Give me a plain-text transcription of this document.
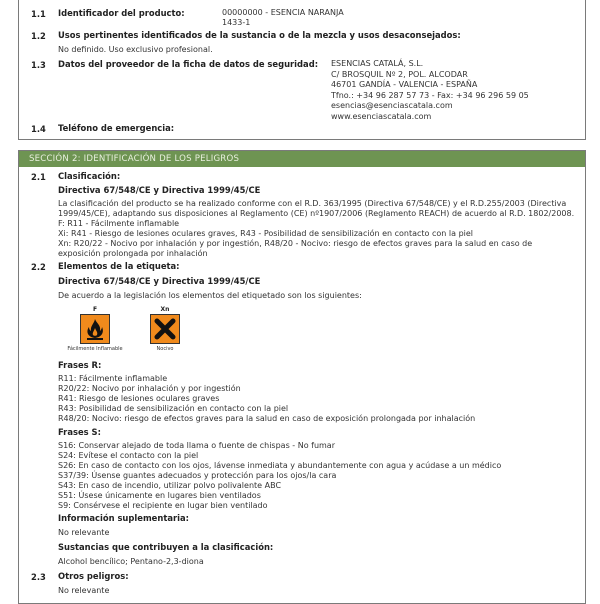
1.1 Identificador del producto:	00000000 - ESENCIA NARANJA
1433-1
1.2 Usos pertinentes identificados de la sustancia o de la mezcla y usos desaconsejados:
No definido. Uso exclusivo profesional.
1.3 Datos del proveedor de la ficha de datos de seguridad: ESENCIAS CATALÁ, S.L.
C/ BROSQUIL Nº 2, POL. ALCODAR
46701 GANDÍA - VALENCIA - ESPAÑA
Tfno.: +34 96 287 57 73 - Fax: +34 96 296 59 05
esencias@esenciascatala.com
www.esenciascatala.com
1.4 Teléfono de emergencia:
SECCIÓN 2: IDENTIFICACIÓN DE LOS PELIGROS
2.1 Clasificación:
Directiva 67/548/CE y Directiva 1999/45/CE
La clasificación del producto se ha realizado conforme con el R.D. 363/1995 (Directiva 67/548/CE) y el R.D.255/2003 (Directiva
1999/45/CE), adaptando sus disposiciones al Reglamento (CE) nº1907/2006 (Reglamento REACH) de acuerdo al R.D. 1802/2008.
F: R11 - Fácilmente inflamable
Xi: R41 - Riesgo de lesiones oculares graves, R43 - Posibilidad de sensibilización en contacto con la piel
Xn: R20/22 - Nocivo por inhalación y por ingestión, R48/20 - Nocivo: riesgo de efectos graves para la salud en caso de
exposición prolongada por inhalación
2.2 Elementos de la etiqueta:
Directiva 67/548/CE y Directiva 1999/45/CE
De acuerdo a la legislación los elementos del etiquetado son los siguientes:
F
Fácilmente Inflamable
Xn
Nocivo
Frases R:
R11: Fácilmente inflamable
R20/22: Nocivo por inhalación y por ingestión
R41: Riesgo de lesiones oculares graves
R43: Posibilidad de sensibilización en contacto con la piel
R48/20: Nocivo: riesgo de efectos graves para la salud en caso de exposición prolongada por inhalación
Frases S:
S16: Conservar alejado de toda llama o fuente de chispas - No fumar
S24: Evítese el contacto con la piel
S26: En caso de contacto con los ojos, lávense inmediata y abundantemente con agua y acúdase a un médico
S37/39: Úsense guantes adecuados y protección para los ojos/la cara
S43: En caso de incendio, utilizar polvo polivalente ABC
S51: Úsese únicamente en lugares bien ventilados
S9: Consérvese el recipiente en lugar bien ventilado
Información suplementaria:
No relevante
Sustancias que contribuyen a la clasificación:
Alcohol bencílico; Pentano-2,3-diona
2.3 Otros peligros:
No relevante
